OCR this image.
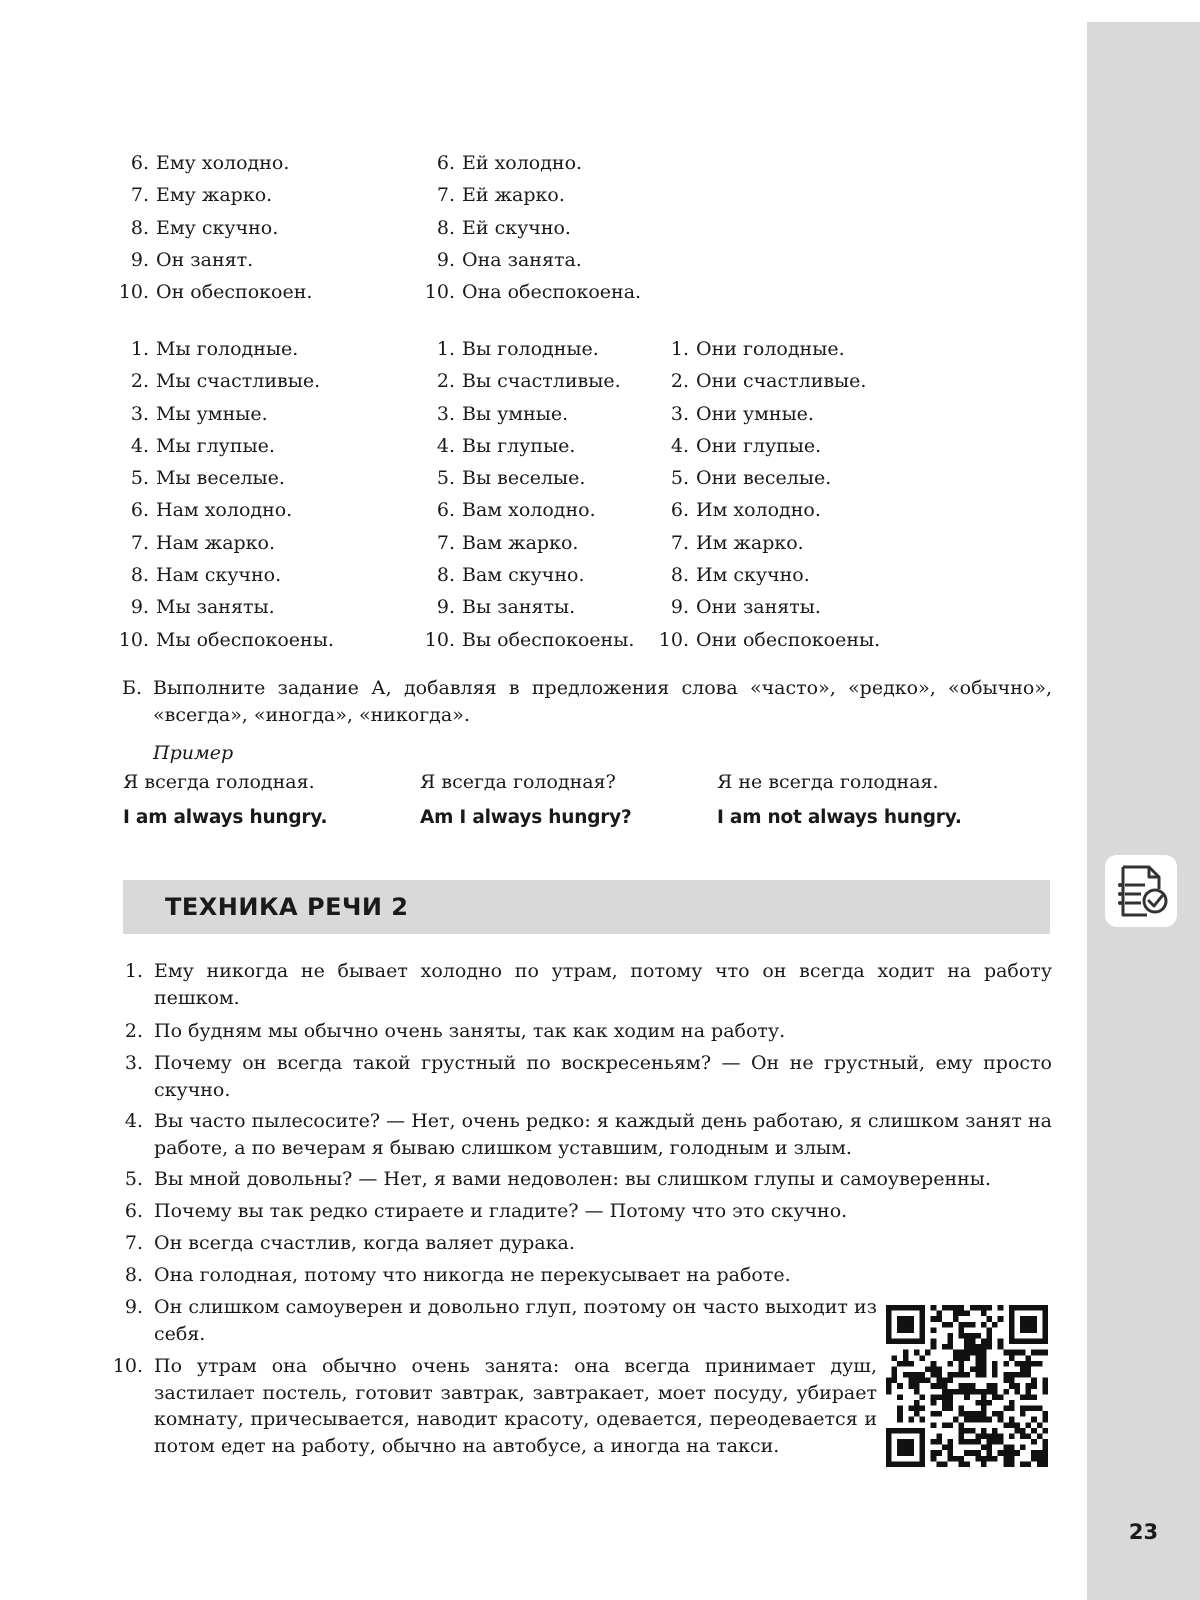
23
6. Ему холодно.
7. Ему жарко.
8. Ему скучно.
9. Он занят.
10. Он обеспокоен.
6. Ей холодно.
7. Ей жарко.
8. Ей скучно.
9. Она занята.
10. Она обеспокоена.
1. Мы голодные.
2. Мы счастливые.
3. Мы умные.
4. Мы глупые.
5. Мы веселые.
6. Нам холодно.
7. Нам жарко.
8. Нам скучно.
9. Мы заняты.
10. Мы обеспокоены.
1. Вы голодные.
2. Вы счастливые.
3. Вы умные.
4. Вы глупые.
5. Вы веселые.
6. Вам холодно.
7. Вам жарко.
8. Вам скучно.
9. Вы заняты.
10. Вы обеспокоены.
1. Они голодные.
2. Они счастливые.
3. Они умные.
4. Они глупые.
5. Они веселые.
6. Им холодно.
7. Им жарко.
8. Им скучно.
9. Они заняты.
10. Они обеспокоены.
Б. Выполните задание А, добавляя в предложения слова «часто», «редко», «обычно», «всегда», «иногда», «никогда».
Пример
Я всегда голодная.	Я всегда голодная?	Я не всегда голодная.
I am always hungry.	Am I always hungry?	I am not always hungry.
ТЕХНИКА РЕЧИ 2
1. Ему никогда не бывает холодно по утрам, потому что он всегда ходит на работу пешком.
2. По будням мы обычно очень заняты, так как ходим на работу.
3. Почему он всегда такой грустный по воскресеньям? — Он не грустный, ему просто скучно.
4. Вы часто пылесосите? — Нет, очень редко: я каждый день работаю, я слишком занят на работе, а по вечерам я бываю слишком уставшим, голодным и злым.
5. Вы мной довольны? — Нет, я вами недоволен: вы слишком глупы и самоуверенны.
6. Почему вы так редко стираете и гладите? — Потому что это скучно.
7. Он всегда счастлив, когда валяет дурака.
8. Она голодная, потому что никогда не перекусывает на работе.
9. Он слишком самоуверен и довольно глуп, поэтому он часто выходит из себя.
10. По утрам она обычно очень занята: она всегда принимает душ, застилает постель, готовит завтрак, завтракает, моет посуду, убирает комнату, причесывается, наводит красоту, одевается, переодевается и потом едет на работу, обычно на автобусе, а иногда на такси.
